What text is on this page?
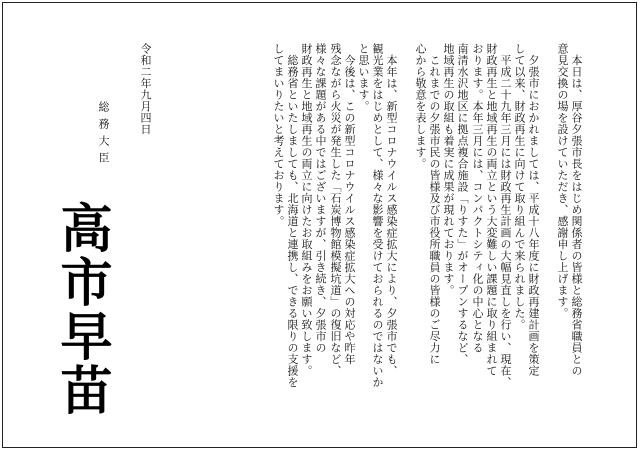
　本日は、厚谷夕張市長をはじめ関係者の皆様と総務省職員との
意見交換の場を設けていただき、感謝申し上げます。
　夕張市におかれましては、平成十八年度に財政再建計画を策定
して以来、財政再生に向けて取り組んで来られました。
　平成二十九年三月には財政再生計画の大幅見直しを行い、現在、
財政再生と地域再生の両立という大変難しい課題に取り組まれて
おります。本年三月には、コンパクトシティ化の中心となる
南清水沢地区に拠点複合施設「りすた」がオープンするなど、
地域再生の取組も着実に成果が現れております。
　これまでの夕張市民の皆様及び市役所職員の皆様のご尽力に
心から敬意を表します。
　本年は、新型コロナウイルス感染症拡大により、夕張市でも、
観光業をはじめとして、様々な影響を受けておられるのではないか
と思います。
　今後は、この新型コロナウイルス感染症拡大への対応や昨年
残念ながら火災が発生した「石炭博物館模擬坑道」の復旧など、
様々な課題がある中ではございますが、引き続き、夕張市の
財政再生と地域再生の両立に向けたお取組みをお願い致します。
　総務省といたしましても、北海道と連携し、できる限りの支援を
してまいりたいと考えております。
令和二年九月四日
総務大臣
高市早苗
